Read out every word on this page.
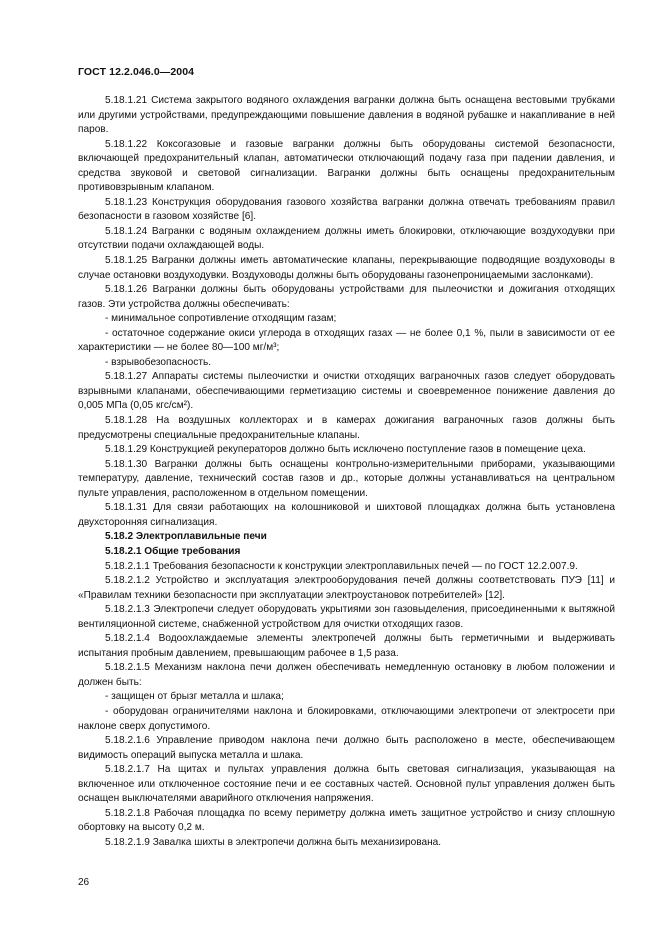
ГОСТ 12.2.046.0—2004

5.18.1.21 Система закрытого водяного охлаждения вагранки должна быть оснащена вестовыми трубками или другими устройствами, предупреждающими повышение давления в водяной рубашке и накапливание в ней паров.

5.18.1.22 Коксогазовые и газовые вагранки должны быть оборудованы системой безопасности, включающей предохранительный клапан, автоматически отключающий подачу газа при падении давления, и средства звуковой и световой сигнализации. Вагранки должны быть оснащены предохранительным противовзрывным клапаном.

5.18.1.23 Конструкция оборудования газового хозяйства вагранки должна отвечать требованиям правил безопасности в газовом хозяйстве [6].

5.18.1.24 Вагранки с водяным охлаждением должны иметь блокировки, отключающие воздуходувки при отсутствии подачи охлаждающей воды.

5.18.1.25 Вагранки должны иметь автоматические клапаны, перекрывающие подводящие воздуховоды в случае остановки воздуходувки. Воздуховоды должны быть оборудованы газонепроницаемыми заслонками).

5.18.1.26 Вагранки должны быть оборудованы устройствами для пылеочистки и дожигания отходящих газов. Эти устройства должны обеспечивать:

- минимальное сопротивление отходящим газам;

- остаточное содержание окиси углерода в отходящих газах — не более 0,1 %, пыли в зависимости от ее характеристики — не более 80—100 мг/м³;

- взрывобезопасность.

5.18.1.27 Аппараты системы пылеочистки и очистки отходящих ваграночных газов следует оборудовать взрывными клапанами, обеспечивающими герметизацию системы и своевременное понижение давления до 0,005 МПа (0,05 кгс/см²).

5.18.1.28 На воздушных коллекторах и в камерах дожигания ваграночных газов должны быть предусмотрены специальные предохранительные клапаны.

5.18.1.29 Конструкцией рекуператоров должно быть исключено поступление газов в помещение цеха.

5.18.1.30 Вагранки должны быть оснащены контрольно-измерительными приборами, указывающими температуру, давление, технический состав газов и др., которые должны устанавливаться на центральном пульте управления, расположенном в отдельном помещении.

5.18.1.31 Для связи работающих на колошниковой и шихтовой площадках должна быть установлена двухсторонняя сигнализация.

5.18.2 Электроплавильные печи

5.18.2.1 Общие требования

5.18.2.1.1 Требования безопасности к конструкции электроплавильных печей — по ГОСТ 12.2.007.9.

5.18.2.1.2 Устройство и эксплуатация электрооборудования печей должны соответствовать ПУЭ [11] и «Правилам техники безопасности при эксплуатации электроустановок потребителей» [12].

5.18.2.1.3 Электропечи следует оборудовать укрытиями зон газовыделения, присоединенными к вытяжной вентиляционной системе, снабженной устройством для очистки отходящих газов.

5.18.2.1.4 Водоохлаждаемые элементы электропечей должны быть герметичными и выдерживать испытания пробным давлением, превышающим рабочее в 1,5 раза.

5.18.2.1.5 Механизм наклона печи должен обеспечивать немедленную остановку в любом положении и должен быть:

- защищен от брызг металла и шлака;

- оборудован ограничителями наклона и блокировками, отключающими электропечи от электросети при наклоне сверх допустимого.

5.18.2.1.6 Управление приводом наклона печи должно быть расположено в месте, обеспечивающем видимость операций выпуска металла и шлака.

5.18.2.1.7 На щитах и пультах управления должна быть световая сигнализация, указывающая на включенное или отключенное состояние печи и ее составных частей. Основной пульт управления должен быть оснащен выключателями аварийного отключения напряжения.

5.18.2.1.8 Рабочая площадка по всему периметру должна иметь защитное устройство и снизу сплошную обортовку на высоту 0,2 м.

5.18.2.1.9 Завалка шихты в электропечи должна быть механизирована.

26
